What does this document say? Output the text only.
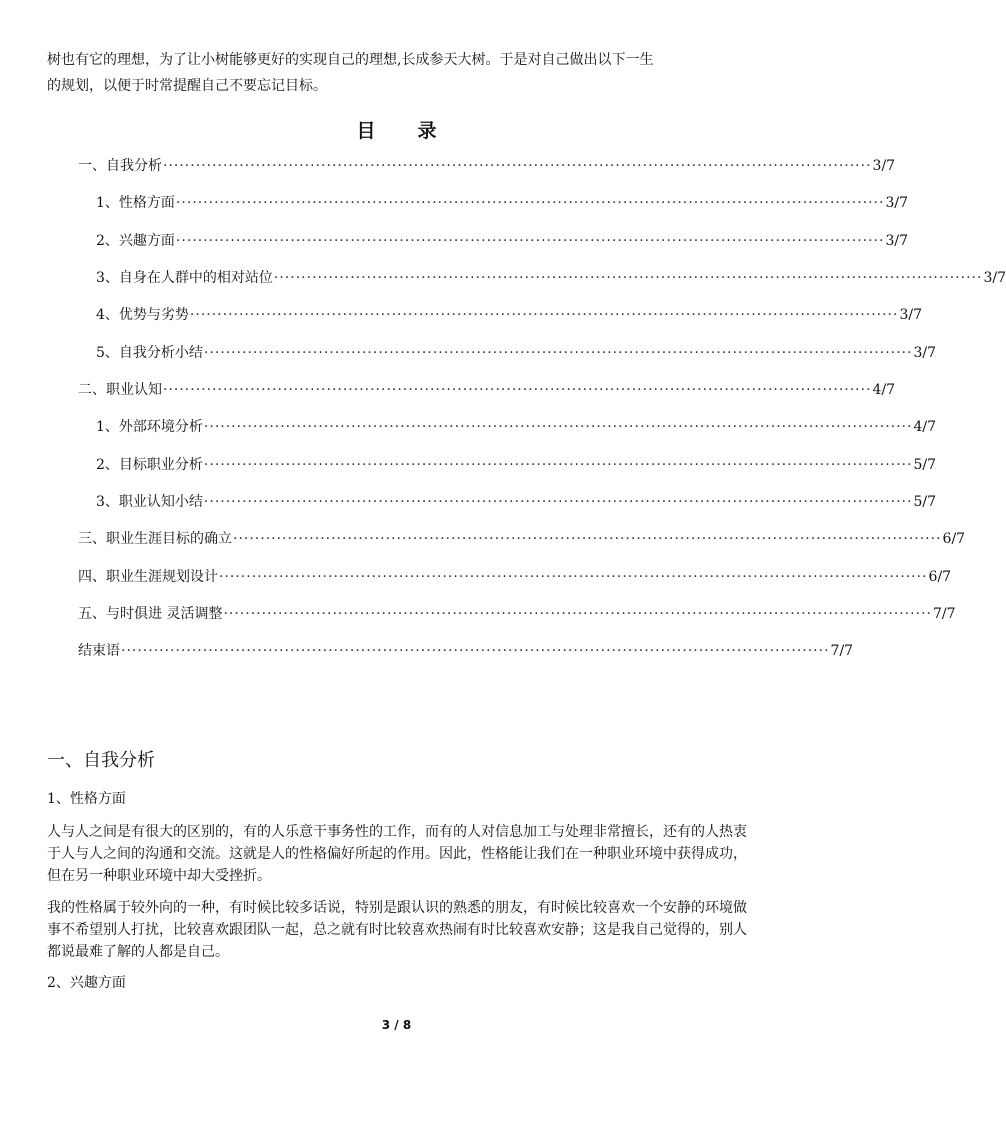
树也有它的理想，为了让小树能够更好的实现自己的理想,长成参天大树。于是对自己做出以下一生

的规划，以便于时常提醒自己不要忘记目标。

目录
一、自我分析 ·································································································································· 3/7
1、性格方面 ·································································································································· 3/7
2、兴趣方面 ·································································································································· 3/7
3、自身在人群中的相对站位 ·································································································································· 3/7
4、优势与劣势 ·································································································································· 3/7
5、自我分析小结 ·································································································································· 3/7
二、职业认知 ·································································································································· 4/7
1、外部环境分析 ·································································································································· 4/7
2、目标职业分析 ·································································································································· 5/7
3、职业认知小结 ·································································································································· 5/7
三、职业生涯目标的确立 ·································································································································· 6/7
四、职业生涯规划设计 ·································································································································· 6/7
五、与时俱进 灵活调整 ·································································································································· 7/7
结束语 ·································································································································· 7/7
一、自我分析
1、性格方面

人与人之间是有很大的区别的，有的人乐意干事务性的工作，而有的人对信息加工与处理非常擅长，还有的人热衷于人与人之间的沟通和交流。这就是人的性格偏好所起的作用。因此，性格能让我们在一种职业环境中获得成功，但在另一种职业环境中却大受挫折。

我的性格属于较外向的一种，有时候比较多话说，特别是跟认识的熟悉的朋友，有时候比较喜欢一个安静的环境做事不希望别人打扰，比较喜欢跟团队一起，总之就有时比较喜欢热闹有时比较喜欢安静；这是我自己觉得的，别人都说最难了解的人都是自己。

2、兴趣方面
3 / 8
